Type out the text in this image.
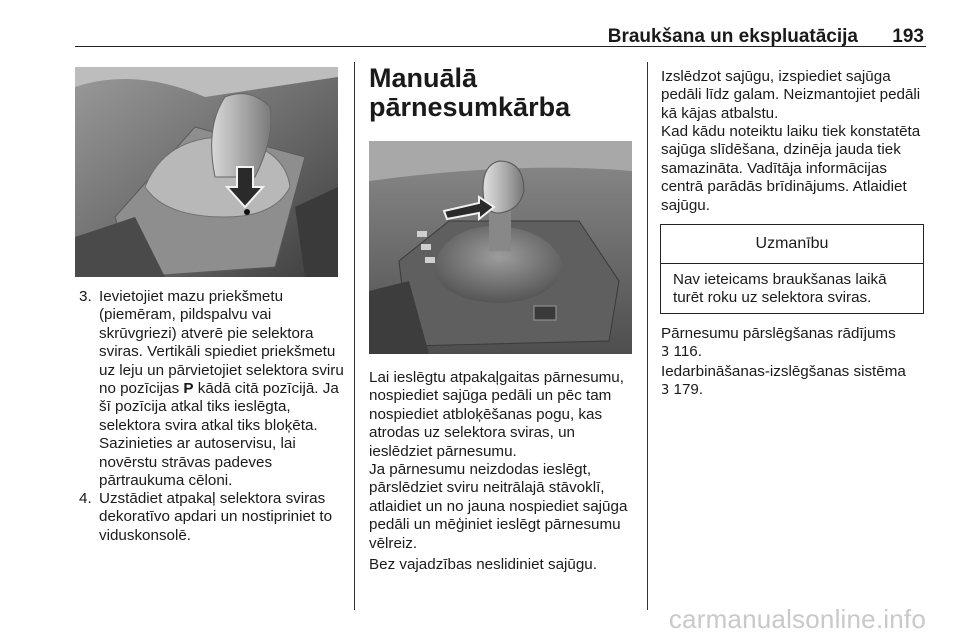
Braukšana un ekspluatācija 193
3. Ievietojiet mazu priekšmetu (piemēram, pildspalvu vai skrūvgriezi) atverē pie selektora sviras. Vertikāli spiediet priekšmetu uz leju un pārvietojiet selektora sviru no pozīcijas P kādā citā pozīcijā. Ja šī pozīcija atkal tiks ieslēgta, selektora svira atkal tiks bloķēta. Sazinieties ar autoservisu, lai novērstu strāvas padeves pārtraukuma cēloni.
4. Uzstādiet atpakaļ selektora sviras dekoratīvo apdari un nostipriniet to viduskonsolē.
Manuālā pārnesumkārba

Lai ieslēgtu atpakaļgaitas pārnesumu, nospiediet sajūga pedāli un pēc tam nospiediet atbloķēšanas pogu, kas atrodas uz selektora sviras, un ieslēdziet pārnesumu.

Ja pārnesumu neizdodas ieslēgt, pārslēdziet sviru neitrālajā stāvoklī, atlaidiet un no jauna nospiediet sajūga pedāli un mēģiniet ieslēgt pārnesumu vēlreiz.

Bez vajadzības neslidiniet sajūgu.

Izslēdzot sajūgu, izspiediet sajūga pedāli līdz galam. Neizmantojiet pedāli kā kājas atbalstu.

Kad kādu noteiktu laiku tiek konstatēta sajūga slīdēšana, dzinēja jauda tiek samazināta. Vadītāja informācijas centrā parādās brīdinājums. Atlaidiet sajūgu.

Uzmanību
Nav ieteicams braukšanas laikā turēt roku uz selektora sviras.
Pārnesumu pārslēgšanas rādījums
3 116.
Iedarbināšanas-izslēgšanas sistēma
3 179.
carmanualsonline.info
